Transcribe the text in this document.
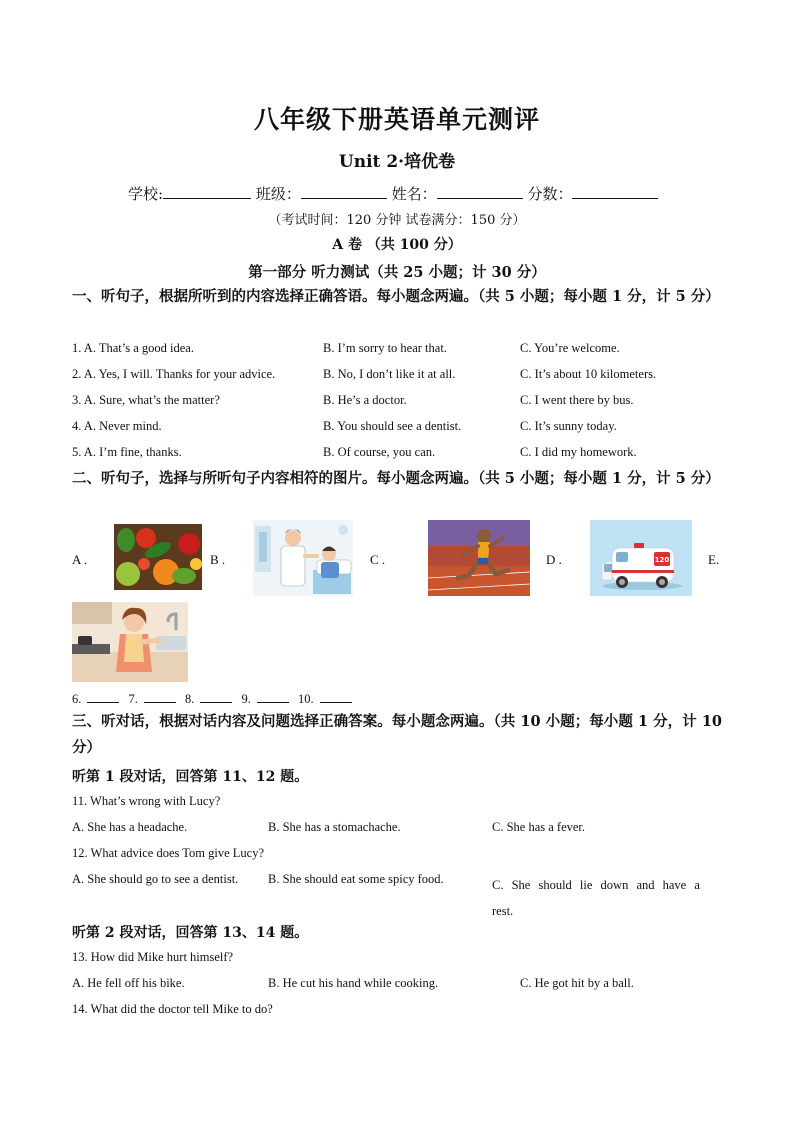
八年级下册英语单元测评
Unit 2·培优卷
学校:	班级：	姓名：	分数：
（考试时间：120 分钟 试卷满分：150 分）
A 卷 （共 100 分）
第一部分 听力测试（共 25 小题；计 30 分）
一、听句子，根据所听到的内容选择正确答语。每小题念两遍。（共 5 小题；每小题 1 分，计 5 分）
1. A. That’s a good idea.	B. I’m sorry to hear that.	C. You’re welcome.
2. A. Yes, I will. Thanks for your advice.	B. No, I don’t like it at all.	C. It’s about 10 kilometers.
3. A. Sure, what’s the matter?	B. He’s a doctor.	C. I went there by bus.
4. A. Never mind.	B. You should see a dentist.	C. It’s sunny today.
5. A. I’m fine, thanks.	B. Of course, you can.	C. I did my homework.
二、听句子，选择与所听句子内容相符的图片。每小题念两遍。（共 5 小题；每小题 1 分，计 5 分）
A .	B .	C .	D .	120	E.
6.	7.	8.	9.	10.
三、听对话，根据对话内容及问题选择正确答案。每小题念两遍。（共 10 小题；每小题 1 分，计 10 分）
听第 1 段对话，回答第 11、12 题。
11. What’s wrong with Lucy?
A. She has a headache.	B. She has a stomachache.	C. She has a fever.
12. What advice does Tom give Lucy?
A. She should go to see a dentist. B. She should eat some spicy food.	C. She should lie down and have a rest.
听第 2 段对话，回答第 13、14 题。
13. How did Mike hurt himself?
A. He fell off his bike.	B. He cut his hand while cooking.	C. He got hit by a ball.
14. What did the doctor tell Mike to do?
